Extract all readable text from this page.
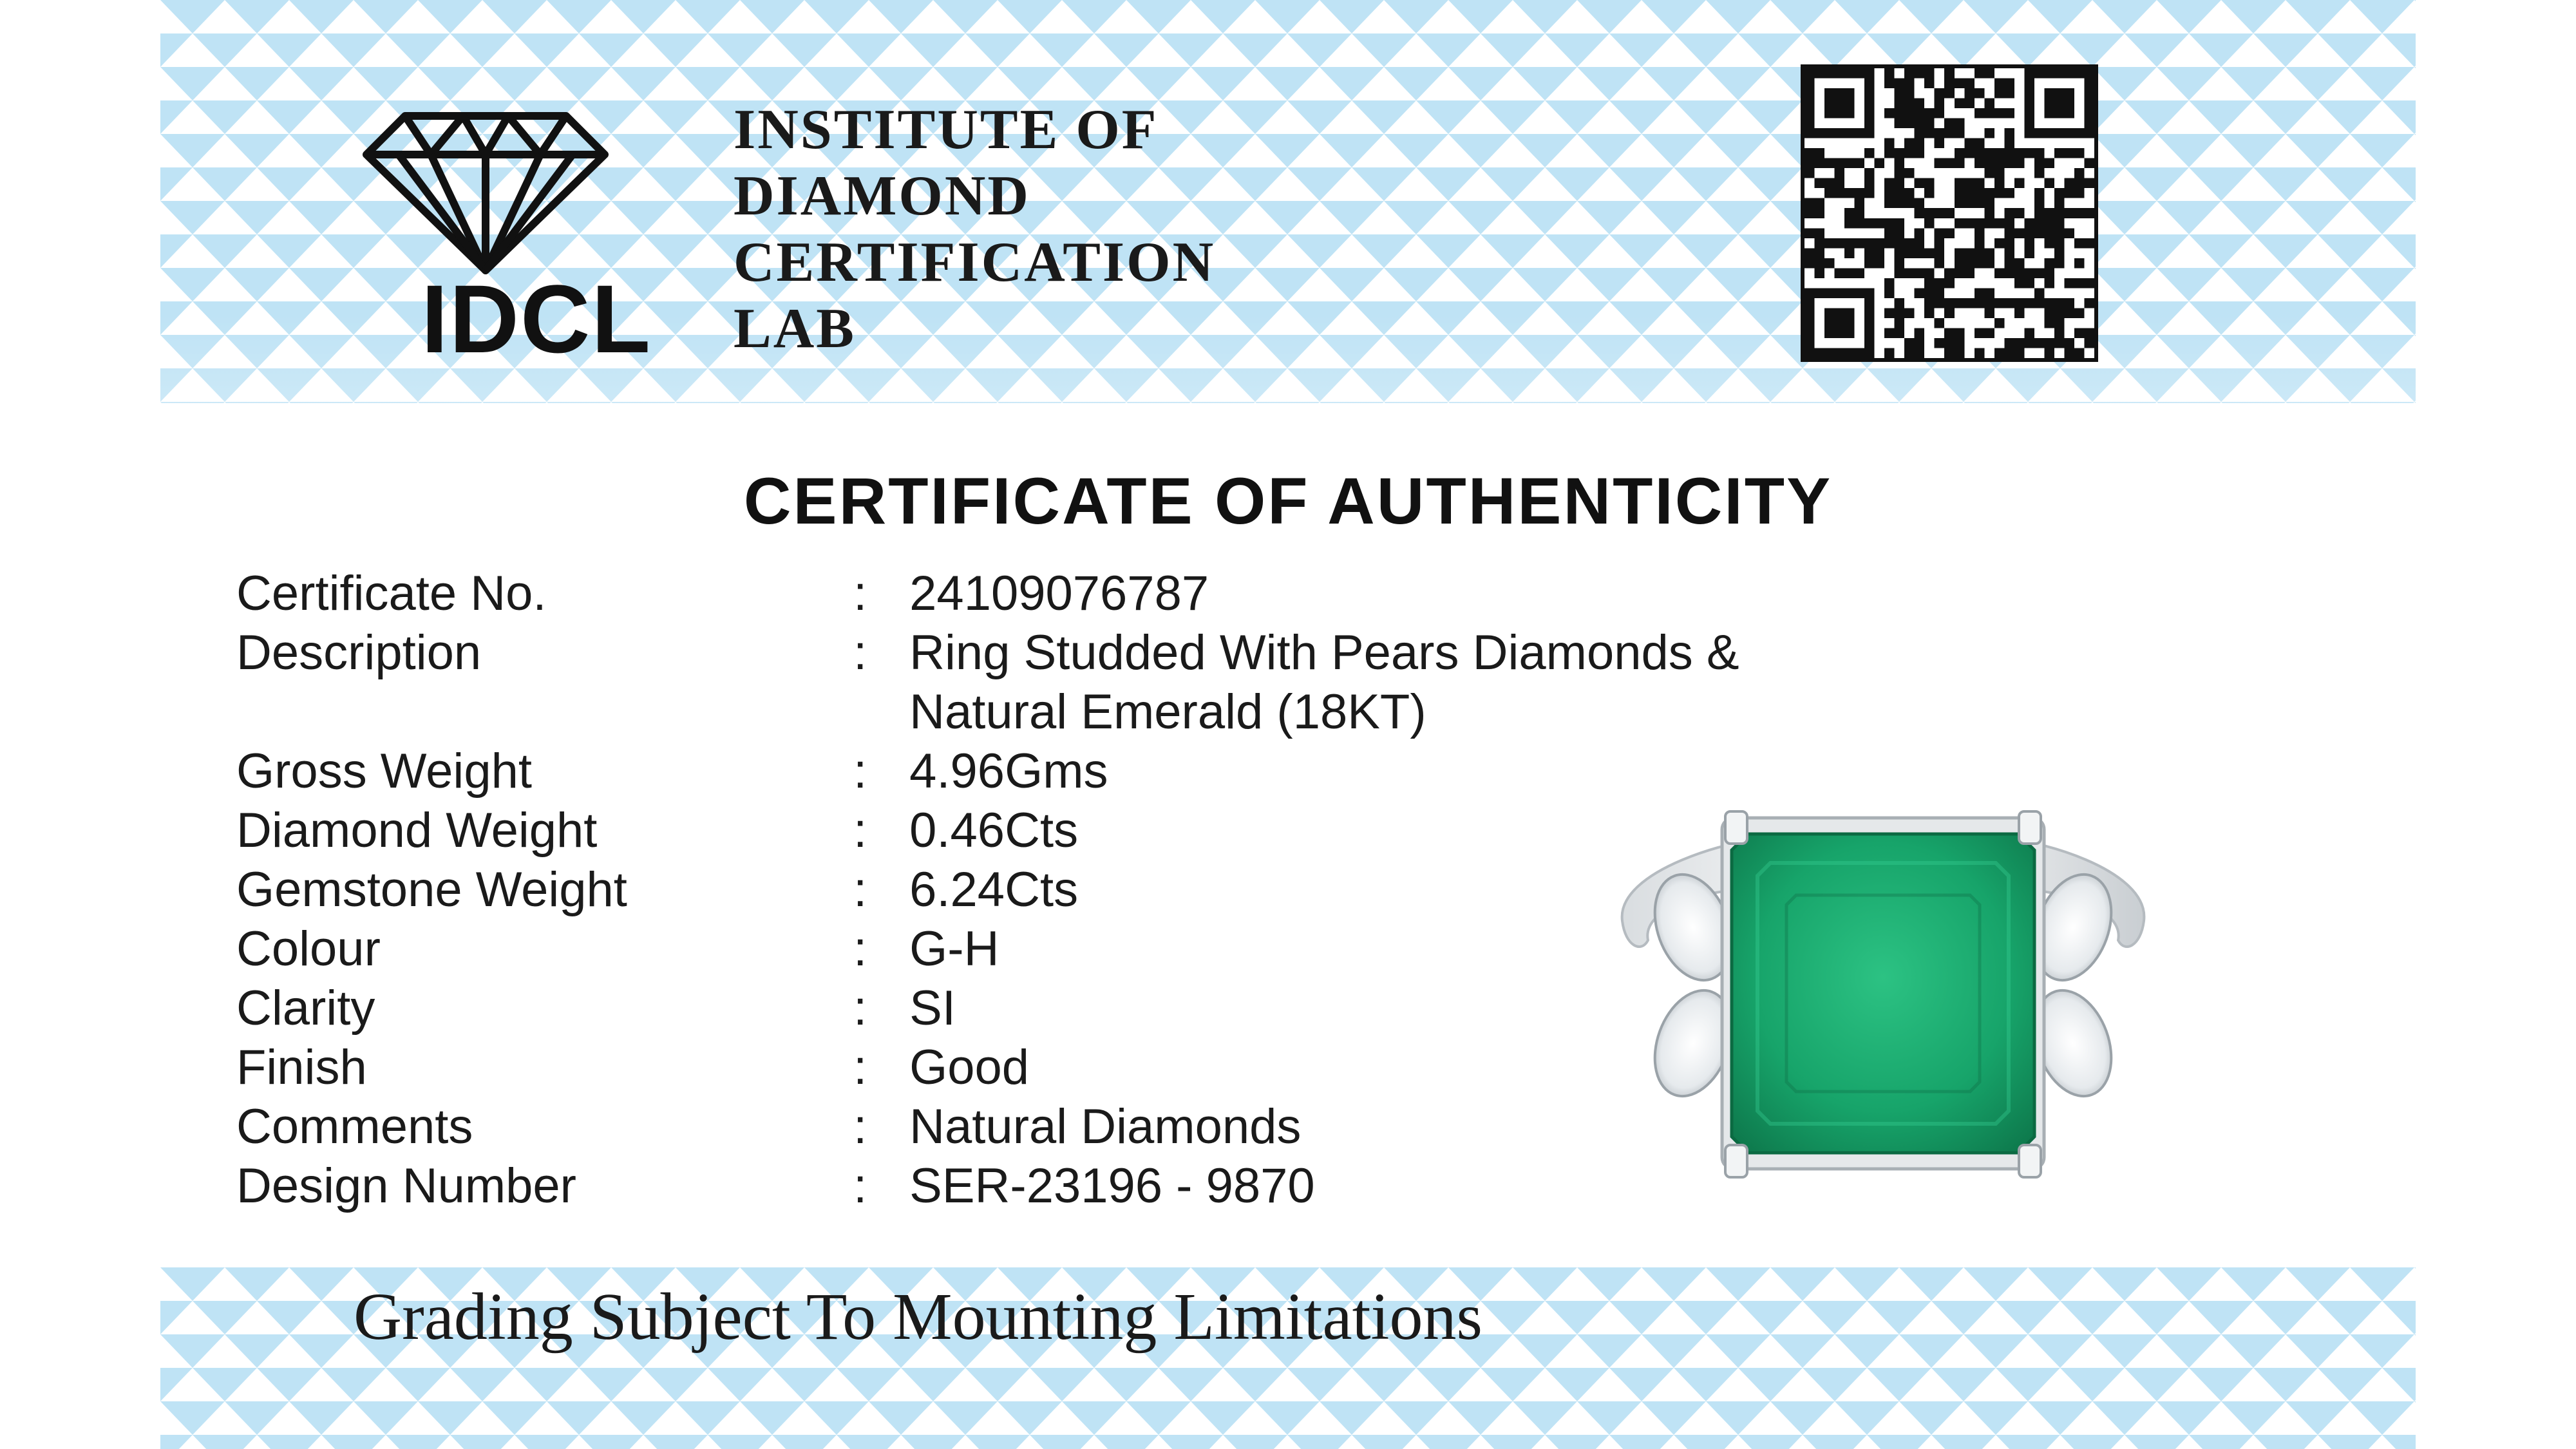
IDCL
INSTITUTE OF
DIAMOND
CERTIFICATION
LAB
CERTIFICATE OF AUTHENTICITY
Certificate No.	: 24109076787
Description	: Ring Studded With Pears Diamonds &
Natural Emerald (18KT)
Gross Weight	: 4.96Gms
Diamond Weight	: 0.46Cts
Gemstone Weight	: 6.24Cts
Colour	: G-H
Clarity	: SI
Finish	: Good
Comments	: Natural Diamonds
Design Number	: SER-23196 - 9870
Grading Subject To Mounting Limitations
